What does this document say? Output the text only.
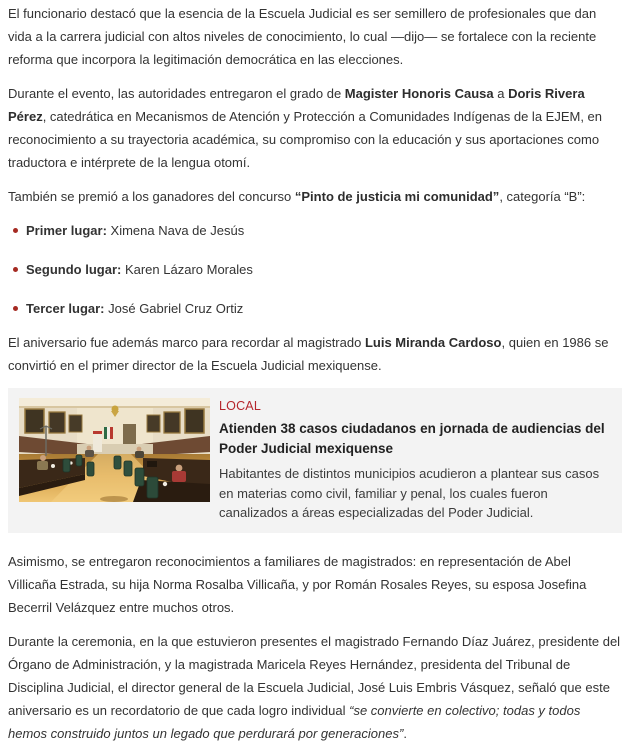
El funcionario destacó que la esencia de la Escuela Judicial es ser semillero de profesionales que dan vida a la carrera judicial con altos niveles de conocimiento, lo cual —dijo— se fortalece con la reciente reforma que incorpora la legitimación democrática en las elecciones.

Durante el evento, las autoridades entregaron el grado de Magister Honoris Causa a Doris Rivera Pérez, catedrática en Mecanismos de Atención y Protección a Comunidades Indígenas de la EJEM, en reconocimiento a su trayectoria académica, su compromiso con la educación y sus aportaciones como traductora e intérprete de la lengua otomí.

También se premió a los ganadores del concurso “Pinto de justicia mi comunidad”, categoría “B”:

Primer lugar: Ximena Nava de Jesús
Segundo lugar: Karen Lázaro Morales
Tercer lugar: José Gabriel Cruz Ortiz

El aniversario fue además marco para recordar al magistrado Luis Miranda Cardoso, quien en 1986 se convirtió en el primer director de la Escuela Judicial mexiquense.

LOCAL
Atienden 38 casos ciudadanos en jornada de audiencias del Poder Judicial mexiquense
Habitantes de distintos municipios acudieron a plantear sus casos en materias como civil, familiar y penal, los cuales fueron canalizados a áreas especializadas del Poder Judicial.

Asimismo, se entregaron reconocimientos a familiares de magistrados: en representación de Abel Villicaña Estrada, su hija Norma Rosalba Villicaña, y por Román Rosales Reyes, su esposa Josefina Becerril Velázquez entre muchos otros.

Durante la ceremonia, en la que estuvieron presentes el magistrado Fernando Díaz Juárez, presidente del Órgano de Administración, y la magistrada Maricela Reyes Hernández, presidenta del Tribunal de Disciplina Judicial, el director general de la Escuela Judicial, José Luis Embris Vásquez, señaló que este aniversario es un recordatorio de que cada logro individual “se convierte en colectivo; todas y todos hemos construido juntos un legado que perdurará por generaciones”.
